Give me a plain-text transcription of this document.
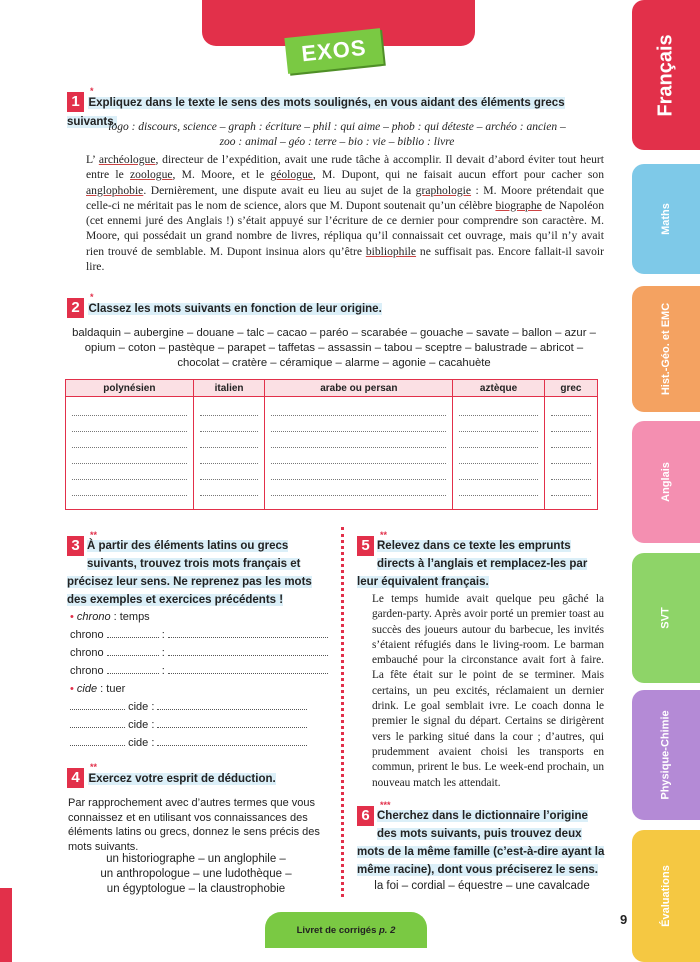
EXOS	Français
Maths
Hist.-Géo. et EMC
Anglais
SVT
Physique-Chimie
Évaluations
*
1 Expliquez dans le texte le sens des mots soulignés, en vous aidant des éléments grecs suivants.
logo : discours, science – graph : écriture – phil : qui aime – phob : qui déteste – archéo : ancien –
zoo : animal – géo : terre – bio : vie – biblio : livre
L’ archéologue, directeur de l’expédition, avait une rude tâche à accomplir. Il devait d’abord éviter tout heurt entre le zoologue, M. Moore, et le géologue, M. Dupont, qui ne faisait aucun effort pour cacher son anglophobie. Dernièrement, une dispute avait eu lieu au sujet de la graphologie : M. Moore prétendait que celle-ci ne méritait pas le nom de science, alors que M. Dupont soutenait qu’un célèbre biographe de Napoléon (cet ennemi juré des Anglais !) s’était appuyé sur l’écriture de ce dernier pour comprendre son caractère. M. Moore, qui possédait un grand nombre de livres, répliqua qu’il connaissait cet ouvrage, mais qu’il n’y avait rien trouvé de semblable. M. Dupont insinua alors qu’être bibliophile ne suffisait pas. Encore fallait-il savoir lire.
*
2 Classez les mots suivants en fonction de leur origine.
baldaquin – aubergine – douane – talc – cacao – paréo – scarabée – gouache – savate – ballon – azur –
opium – coton – pastèque – parapet – taffetas – assassin – tabou – sceptre – balustrade – abricot –
chocolat – cratère – céramique – alarme – agonie – cacahuète
polynésien	italien	arabe ou persan	aztèque	grec

**
3 À partir des éléments latins ou grecs suivants, trouvez trois mots français et précisez leur sens. Ne reprenez pas les mots des exemples et exercices précédents !
• chrono : temps
chrono	:
chrono	:
chrono	:
• cide : tuer
cide :
cide :
cide :
**
4 Exercez votre esprit de déduction.
Par rapprochement avec d’autres termes que vous connaissez et en utilisant vos connaissances des éléments latins ou grecs, donnez le sens précis des mots suivants.
un historiographe – un anglophile –
un anthropologue – une ludothèque –
un égyptologue – la claustrophobie
**
5 Relevez dans ce texte les emprunts directs à l’anglais et remplacez-les par leur équivalent français.
Le temps humide avait quelque peu gâché la garden-party. Après avoir porté un premier toast au succès des joueurs autour du barbecue, les invités s’étaient réfugiés dans le living-room. Le barman embauché pour la circonstance avait fort à faire. La fête était sur le point de se terminer. Mais certains, un peu excités, réclamaient un dernier drink. Le goal semblait ivre. Le coach donna le premier le signal du départ. Certains se dirigèrent vers le parking situé dans la cour ; d’autres, qui prudemment avaient choisi les transports en commun, prirent le bus. Le week-end prochain, un nouveau match les attendait.
***
6 Cherchez dans le dictionnaire l’origine des mots suivants, puis trouvez deux mots de la même famille (c’est-à-dire ayant la même racine), dont vous préciserez le sens.
la foi – cordial – équestre – une cavalcade
Livret de corrigés
p. 2
9
